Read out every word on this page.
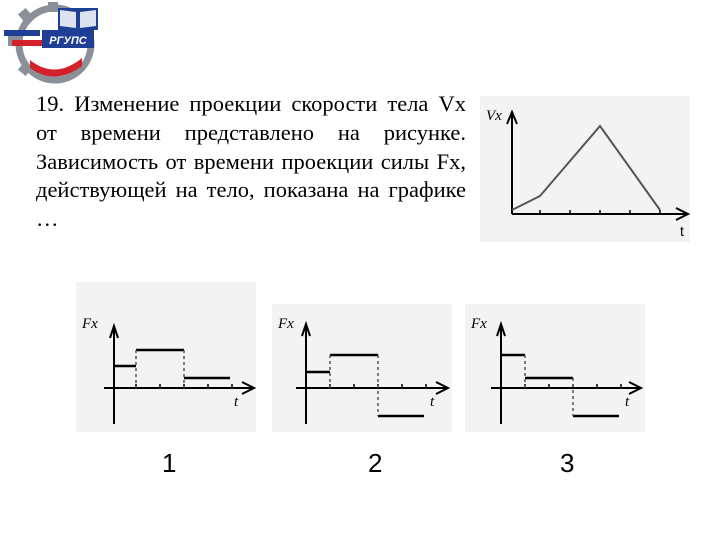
РГУПС
19. Изменение проекции скорости тела Vx от времени представлено на рисунке. Зависимость от времени проекции силы Fx, действующей на тело, показана на графике …
Vx
t
Fx
t
Fx
t
Fx
t
1	2	3
